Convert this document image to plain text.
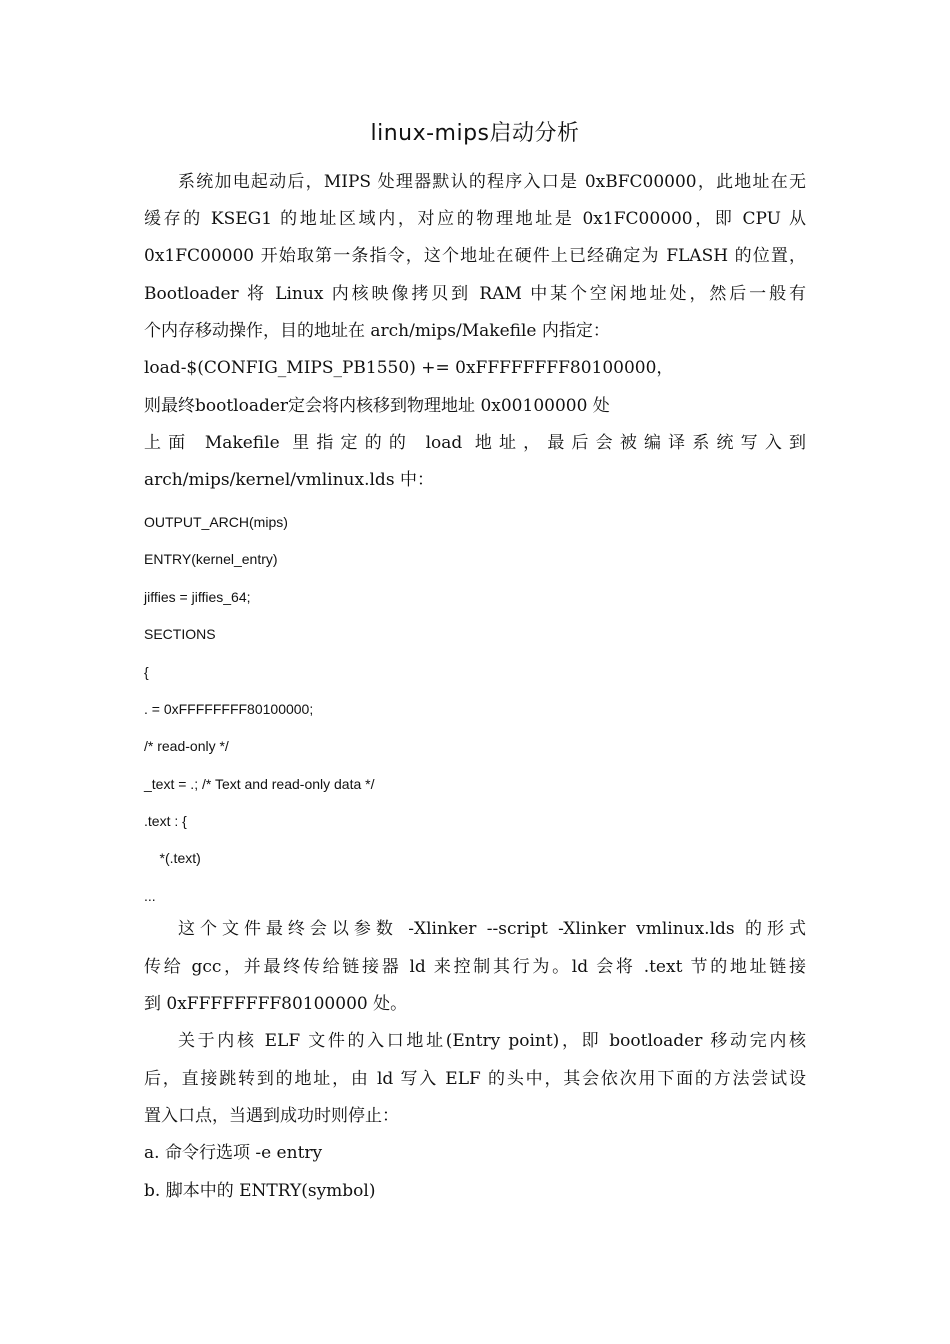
linux-mips启动分析
系统加电起动后，MIPS 处理器默认的程序入口是 0xBFC00000，此地址在无
缓存的 KSEG1 的地址区域内，对应的物理地址是 0x1FC00000，即 CPU 从
0x1FC00000 开始取第一条指令，这个地址在硬件上已经确定为 FLASH 的位置，
Bootloader 将 Linux 内核映像拷贝到 RAM 中某个空闲地址处，然后一般有
个内存移动操作，目的地址在 arch/mips/Makefile 内指定：
load-$(CONFIG_MIPS_PB1550) += 0xFFFFFFFF80100000，
则最终bootloader定会将内核移到物理地址 0x00100000 处
上面 Makefile 里指定的的 load 地址，最后会被编译系统写入到
arch/mips/kernel/vmlinux.lds 中：
OUTPUT_ARCH(mips)
ENTRY(kernel_entry)
jiffies = jiffies_64;
SECTIONS
{
. = 0xFFFFFFFF80100000;
/* read-only */
_text = .; /* Text and read-only data */
.text : {
*(.text)
...
这个文件最终会以参数 -Xlinker --script -Xlinker vmlinux.lds 的形式
传给 gcc，并最终传给链接器 ld 来控制其行为。ld 会将 .text 节的地址链接
到 0xFFFFFFFF80100000 处。
关于内核 ELF 文件的入口地址(Entry point)，即 bootloader 移动完内核
后，直接跳转到的地址，由 ld 写入 ELF 的头中，其会依次用下面的方法尝试设
置入口点，当遇到成功时则停止：
a. 命令行选项 -e entry
b. 脚本中的 ENTRY(symbol)
